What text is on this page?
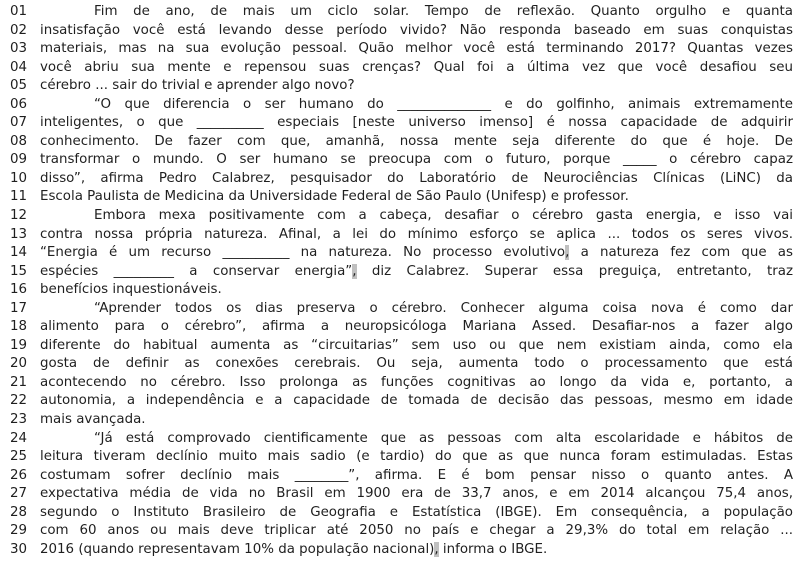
01	Fim de ano, de mais um ciclo solar. Tempo de reflexão. Quanto orgulho e quanta
02 insatisfação você está levando desse período vivido? Não responda baseado em suas conquistas
03 materiais, mas na sua evolução pessoal. Quão melhor você está terminando 2017? Quantas vezes
04 você abriu sua mente e repensou suas crenças? Qual foi a última vez que você desafiou seu
05 cérebro ... sair do trivial e aprender algo novo?
06	“O que diferencia o ser humano do ______________ e do golfinho, animais extremamente
07 inteligentes, o que __________ especiais [neste universo imenso] é nossa capacidade de adquirir
08 conhecimento. De fazer com que, amanhã, nossa mente seja diferente do que é hoje. De
09 transformar o mundo. O ser humano se preocupa com o futuro, porque _____ o cérebro capaz
10 disso”, afirma Pedro Calabrez, pesquisador do Laboratório de Neurociências Clínicas (LiNC) da
11 Escola Paulista de Medicina da Universidade Federal de São Paulo (Unifesp) e professor.
12	Embora mexa positivamente com a cabeça, desafiar o cérebro gasta energia, e isso vai
13 contra nossa própria natureza. Afinal, a lei do mínimo esforço se aplica ... todos os seres vivos.
14 “Energia é um recurso __________ na natureza. No processo evolutivo, a natureza fez com que as
15 espécies _________ a conservar energia”, diz Calabrez. Superar essa preguiça, entretanto, traz
16 benefícios inquestionáveis.
17	“Aprender todos os dias preserva o cérebro. Conhecer alguma coisa nova é como dar
18 alimento para o cérebro”, afirma a neuropsicóloga Mariana Assed. Desafiar-nos a fazer algo
19 diferente do habitual aumenta as “circuitarias” sem uso ou que nem existiam ainda, como ela
20 gosta de definir as conexões cerebrais. Ou seja, aumenta todo o processamento que está
21 acontecendo no cérebro. Isso prolonga as funções cognitivas ao longo da vida e, portanto, a
22 autonomia, a independência e a capacidade de tomada de decisão das pessoas, mesmo em idade
23 mais avançada.
24	“Já está comprovado cientificamente que as pessoas com alta escolaridade e hábitos de
25 leitura tiveram declínio muito mais sadio (e tardio) do que as que nunca foram estimuladas. Estas
26 costumam sofrer declínio mais ________”, afirma. E é bom pensar nisso o quanto antes. A
27 expectativa média de vida no Brasil em 1900 era de 33,7 anos, e em 2014 alcançou 75,4 anos,
28 segundo o Instituto Brasileiro de Geografia e Estatística (IBGE). Em consequência, a população
29 com 60 anos ou mais deve triplicar até 2050 no país e chegar a 29,3% do total em relação ...
30 2016 (quando representavam 10% da população nacional), informa o IBGE.
